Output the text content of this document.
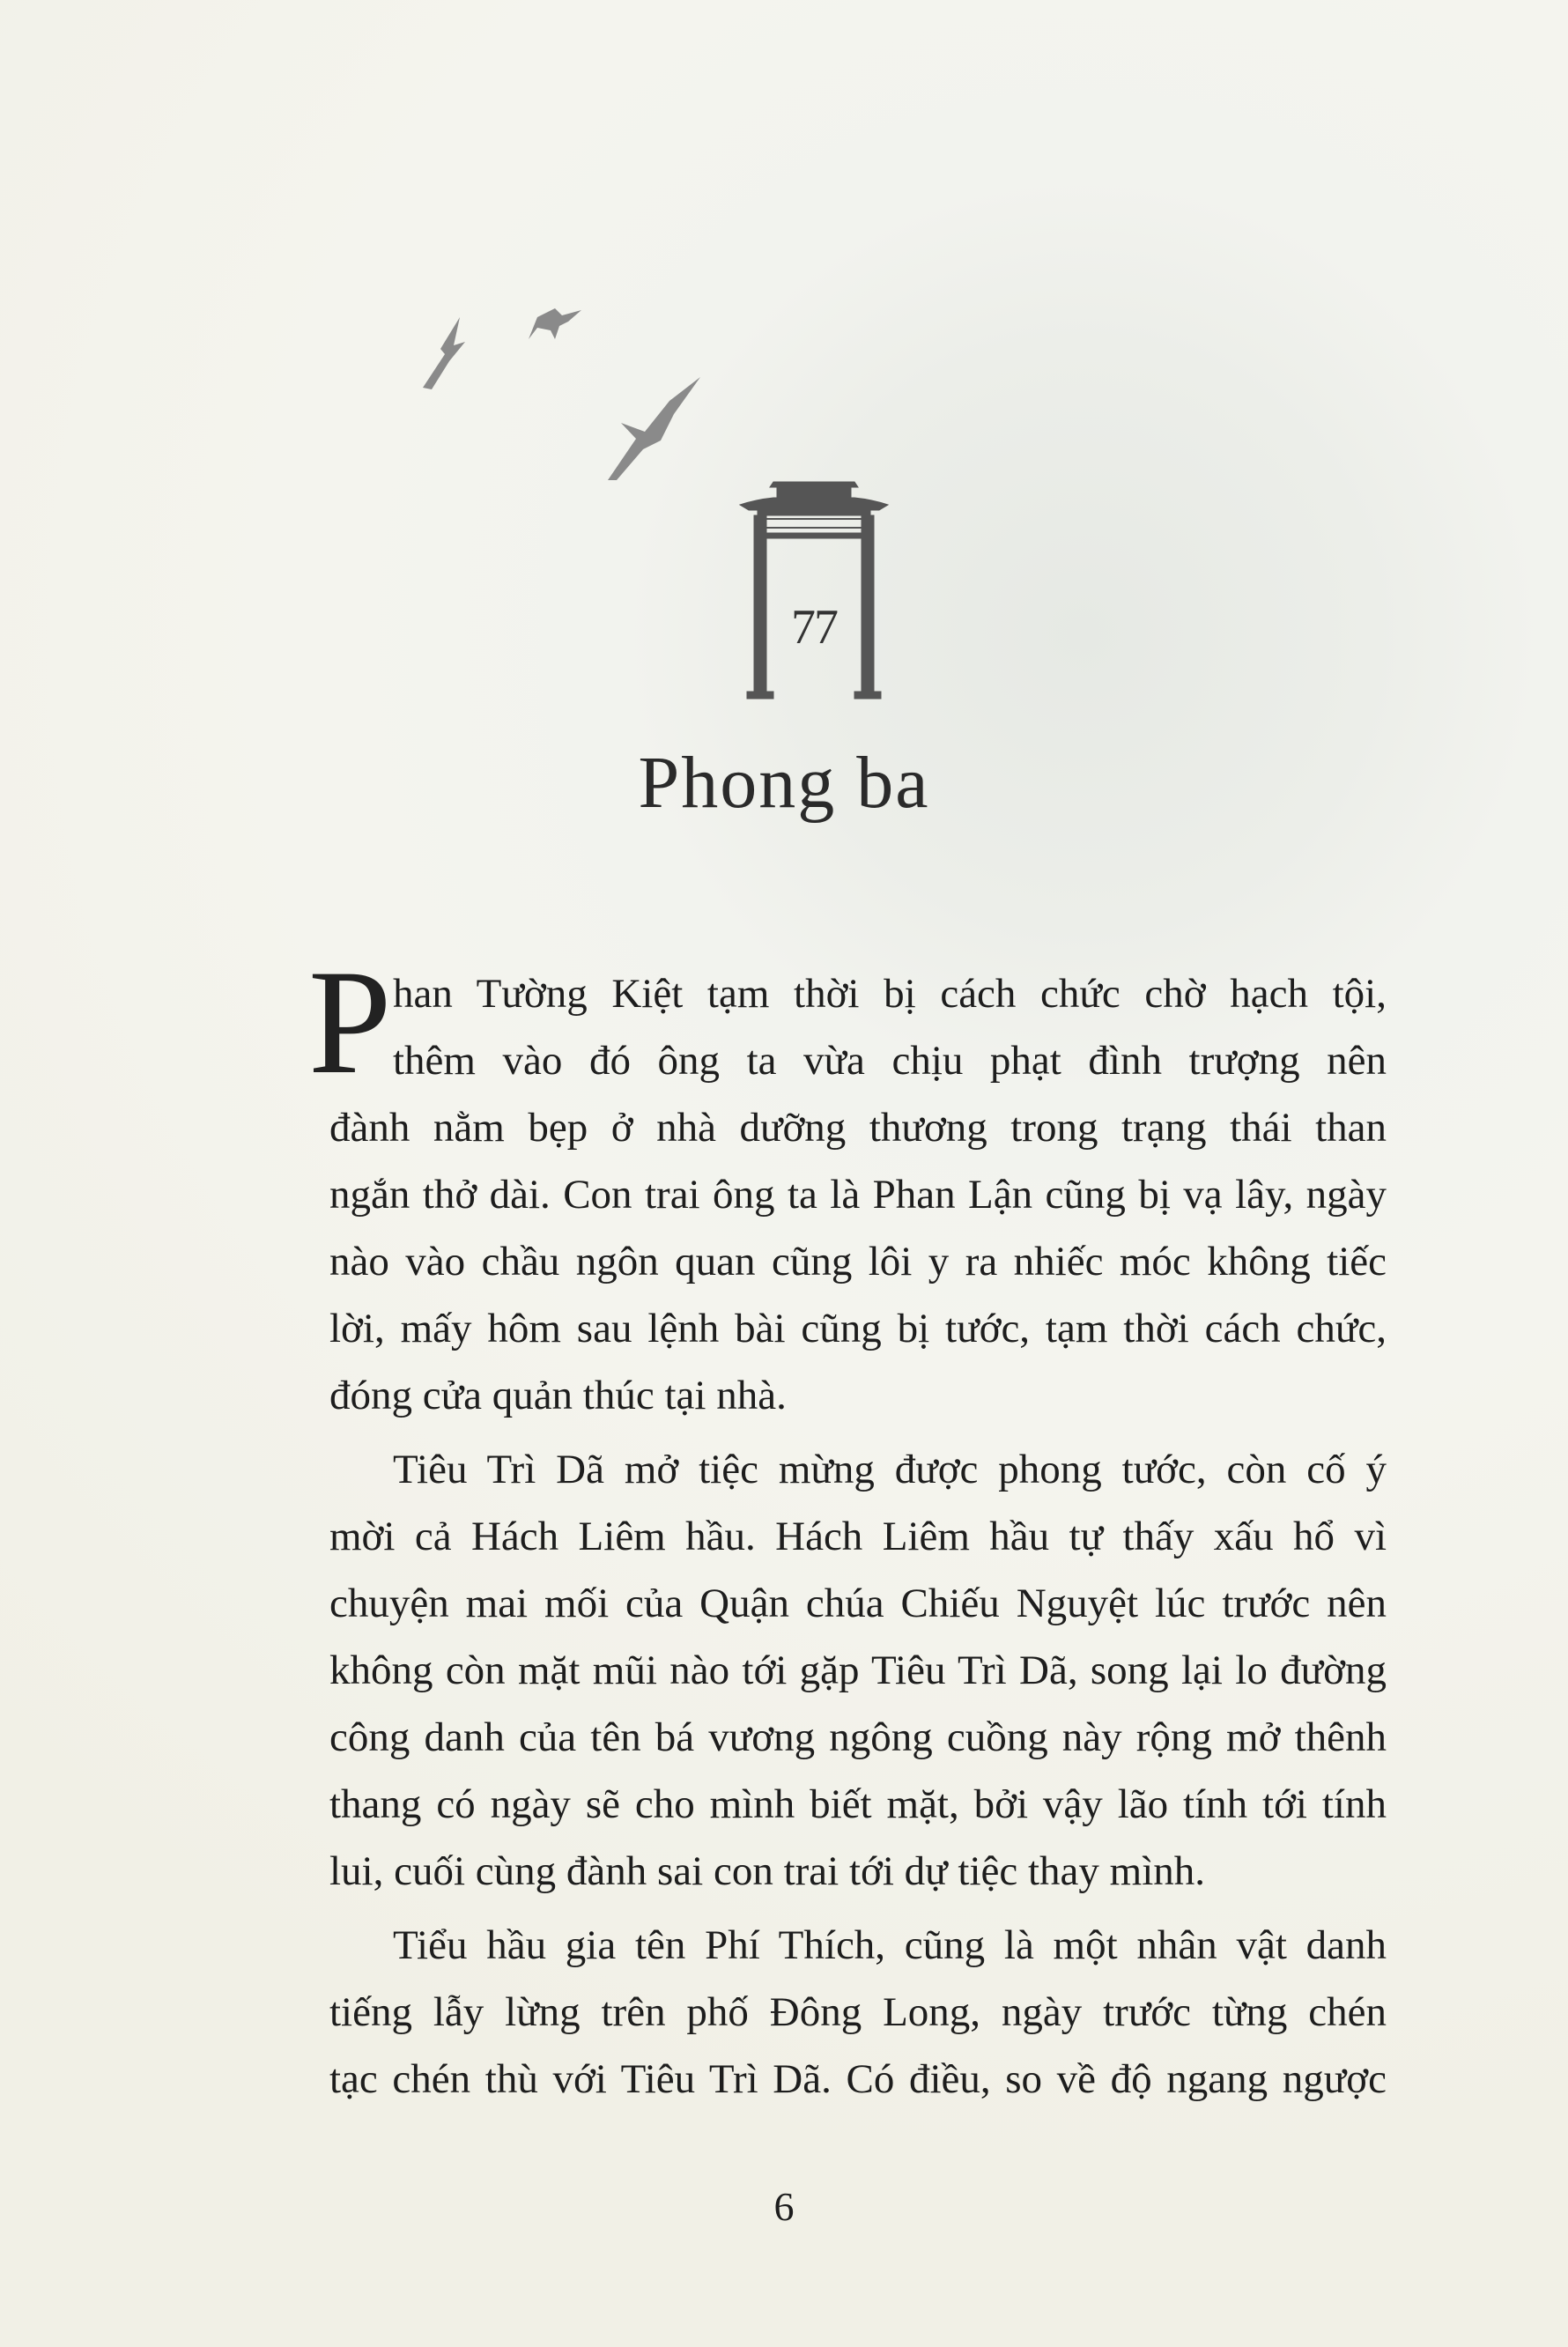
77
Phong ba
P han Tường Kiệt tạm thời bị cách chức chờ hạch tội,
thêm vào đó ông ta vừa chịu phạt đình trượng nên
đành nằm bẹp ở nhà dưỡng thương trong trạng thái than
ngắn thở dài. Con trai ông ta là Phan Lận cũng bị vạ lây, ngày
nào vào chầu ngôn quan cũng lôi y ra nhiếc móc không tiếc
lời, mấy hôm sau lệnh bài cũng bị tước, tạm thời cách chức,
đóng cửa quản thúc tại nhà.
Tiêu Trì Dã mở tiệc mừng được phong tước, còn cố ý
mời cả Hách Liêm hầu. Hách Liêm hầu tự thấy xấu hổ vì
chuyện mai mối của Quận chúa Chiếu Nguyệt lúc trước nên
không còn mặt mũi nào tới gặp Tiêu Trì Dã, song lại lo đường
công danh của tên bá vương ngông cuồng này rộng mở thênh
thang có ngày sẽ cho mình biết mặt, bởi vậy lão tính tới tính
lui, cuối cùng đành sai con trai tới dự tiệc thay mình.
Tiểu hầu gia tên Phí Thích, cũng là một nhân vật danh
tiếng lẫy lừng trên phố Đông Long, ngày trước từng chén
tạc chén thù với Tiêu Trì Dã. Có điều, so về độ ngang ngược
6
